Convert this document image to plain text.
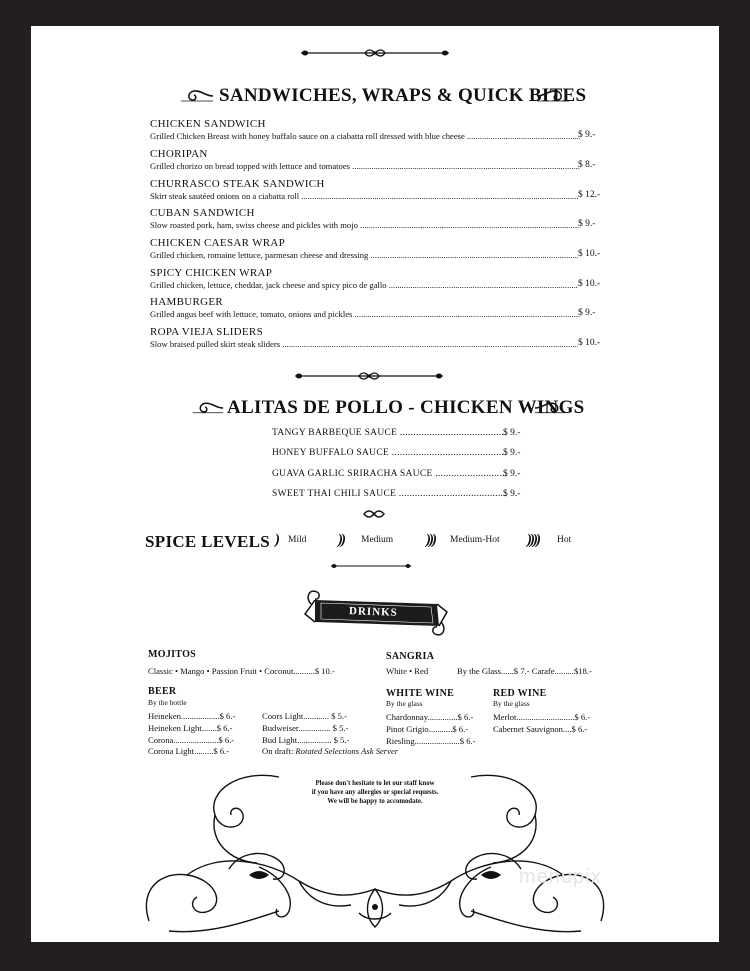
SANDWICHES, WRAPS & QUICK BITES
CHICKEN SANDWICH
Grilled Chicken Breast with honey buffalo sauce on a ciabatta roll dressed with blue cheese .....	$ 9.-
CHORIPAN
Grilled chorizo on bread topped with lettuce and tomatoes .....	$ 8.-
CHURRASCO STEAK SANDWICH
Skirt steak sautéed onions on a ciabatta roll .....	$ 12.-
CUBAN SANDWICH
Slow roasted pork, ham, swiss cheese and pickles with mojo .....	$ 9.-
CHICKEN CAESAR WRAP
Grilled chicken, romaine lettuce, parmesan cheese and dressing .....	$ 10.-
SPICY CHICKEN WRAP
Grilled chicken, lettuce, cheddar, jack cheese and spicy pico de gallo .....	$ 10.-
HAMBURGER
Grilled angus beef with lettuce, tomato, onions and pickles .....	$ 9.-
ROPA VIEJA SLIDERS
Slow braised pulled skirt steak sliders .....	$ 10.-
ALITAS DE POLLO - CHICKEN WINGS
TANGY BARBEQUE SAUCE .....	$ 9.-
HONEY BUFFALO SAUCE .....	$ 9.-
GUAVA GARLIC SRIRACHA SAUCE .....	$ 9.-
SWEET THAI CHILI SAUCE .....	$ 9.-
SPICE LEVELS ) Mild )) Medium ))) Medium-Hot )))) Hot
DRINKS
MOJITOS
Classic • Mango • Passion Fruit • Coconut..........$ 10.-
SANGRIA
White • Red	By the Glass......$ 7.- Carafe.........$18.-
BEER
By the bottle
Heineken..................$ 6.-
Heineken Light.......$ 6.-
Corona.....................$ 6.-
Corona Light.........$ 6.-
Coors Light............ $ 5.-
Budweiser............... $ 5.-
Bud Light................ $ 5.-
On draft: Rotated Selections Ask Server
WHITE WINE
By the glass
Chardonnay..............$ 6.-
Pinot Grigio...........$ 6.-
Riesling.....................$ 6.-
RED WINE
By the glass
Merlot...........................$ 6.-
Cabernet Sauvignon....$ 6.-
Please don't hesitate to let our staff know
if you have any allergies or special requests.
We will be happy to accomodate.
menupix
